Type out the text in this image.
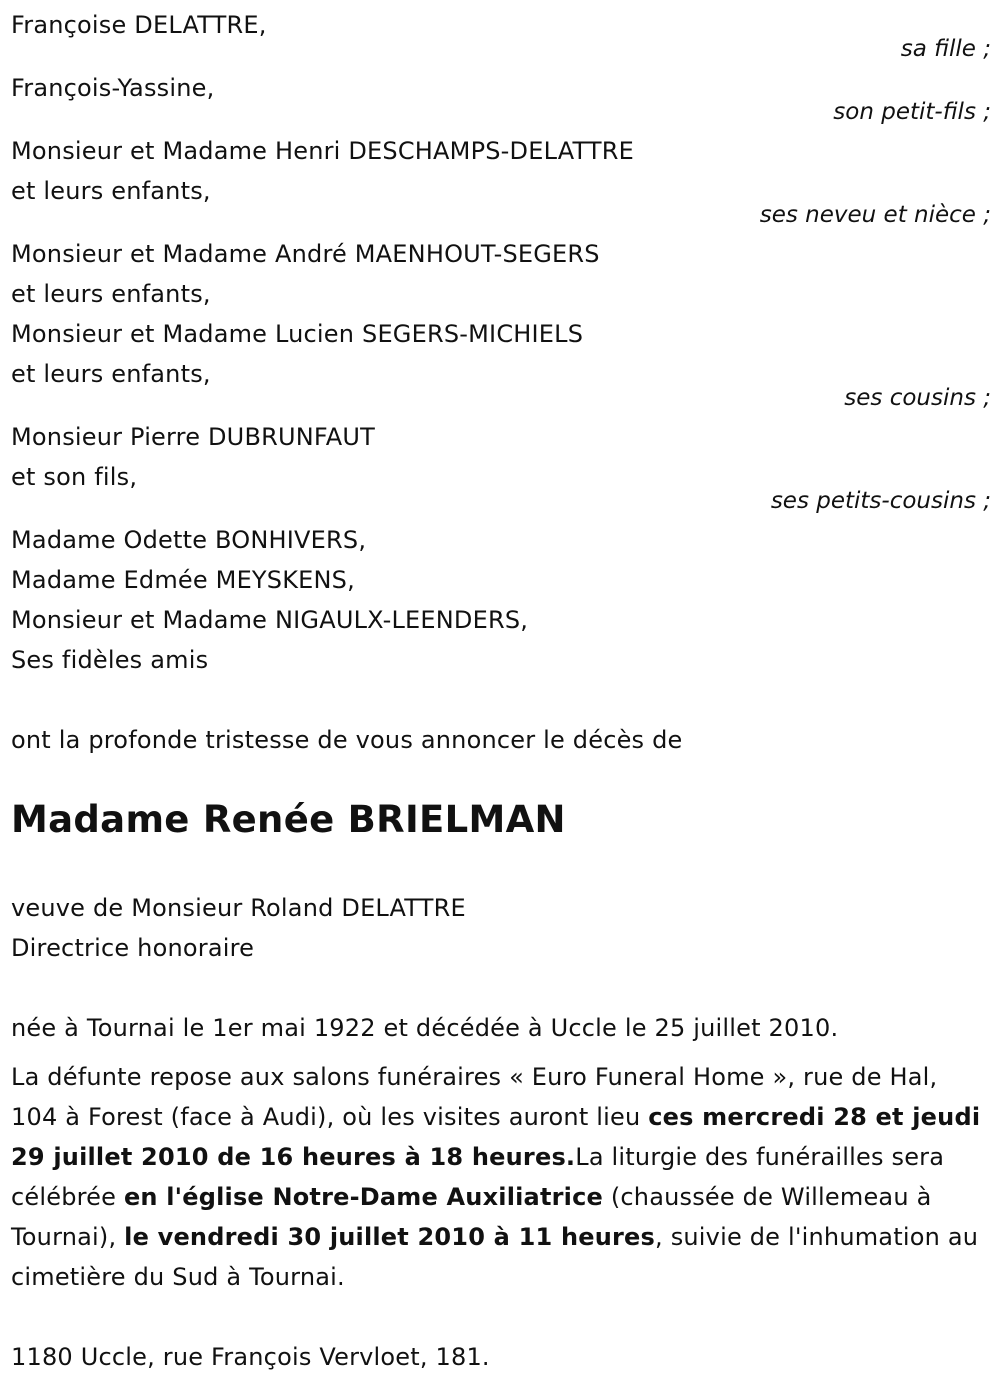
Françoise DELATTRE,
sa fille ;
François-Yassine,
son petit-fils ;
Monsieur et Madame Henri DESCHAMPS-DELATTRE
et leurs enfants,
ses neveu et nièce ;
Monsieur et Madame André MAENHOUT-SEGERS
et leurs enfants,
Monsieur et Madame Lucien SEGERS-MICHIELS
et leurs enfants,
ses cousins ;
Monsieur Pierre DUBRUNFAUT
et son fils,
ses petits-cousins ;
Madame Odette BONHIVERS,
Madame Edmée MEYSKENS,
Monsieur et Madame NIGAULX-LEENDERS,
Ses fidèles amis
ont la profonde tristesse de vous annoncer le décès de
Madame Renée BRIELMAN
veuve de Monsieur Roland DELATTRE
Directrice honoraire
née à Tournai le 1er mai 1922 et décédée à Uccle le 25 juillet 2010.
La défunte repose aux salons funéraires « Euro Funeral Home », rue de Hal, 104 à Forest (face à Audi), où les visites auront lieu ces mercredi 28 et jeudi 29 juillet 2010 de 16 heures à 18 heures.La liturgie des funérailles sera célébrée en l'église Notre-Dame Auxiliatrice (chaussée de Willemeau à Tournai), le vendredi 30 juillet 2010 à 11 heures, suivie de l'inhumation au cimetière du Sud à Tournai.
1180 Uccle, rue François Vervloet, 181.
